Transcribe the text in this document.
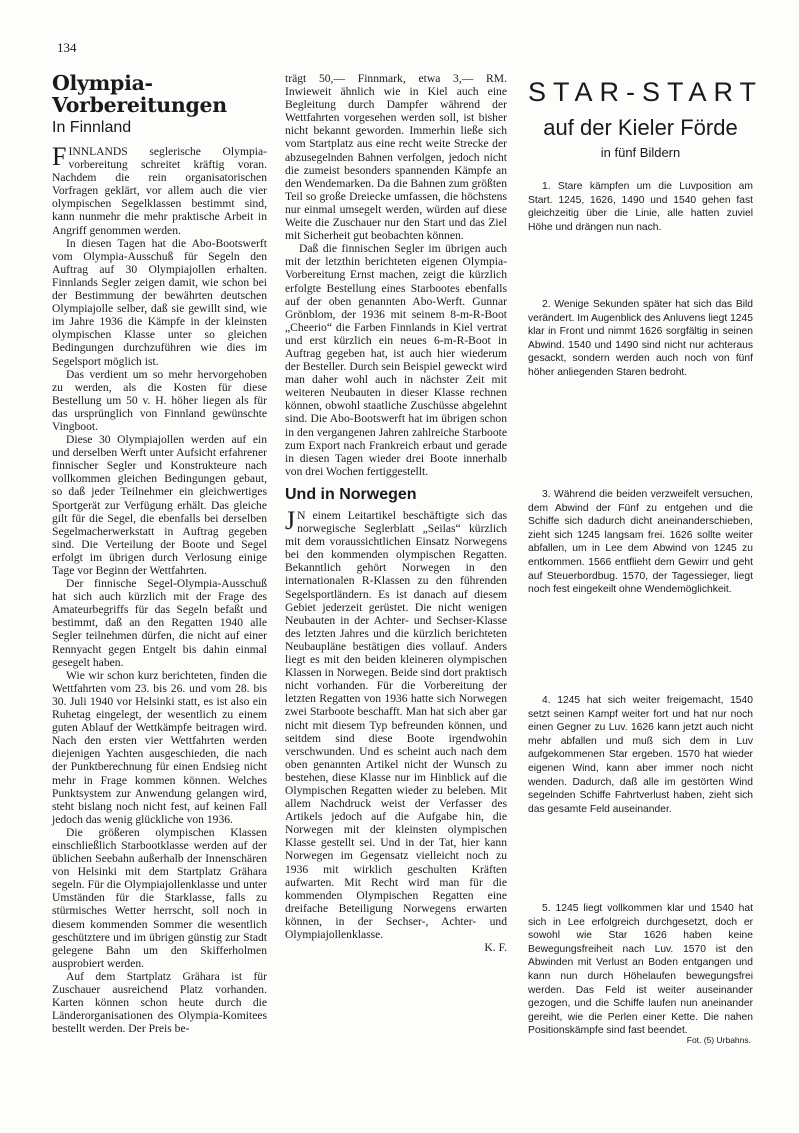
134
Olympia-Vorbereitungen
In Finnland

FINNLANDS seglerische Olympia-vorbereitung schreitet kräftig voran. Nachdem die rein organisatorischen Vorfragen geklärt, vor allem auch die vier olympischen Segelklassen bestimmt sind, kann nunmehr die mehr praktische Arbeit in Angriff genommen werden.

In diesen Tagen hat die Abo-Bootswerft vom Olympia-Ausschuß für Segeln den Auftrag auf 30 Olympiajollen erhalten. Finnlands Segler zeigen damit, wie schon bei der Bestimmung der bewährten deutschen Olympiajolle selber, daß sie gewillt sind, wie im Jahre 1936 die Kämpfe in der kleinsten olympischen Klasse unter so gleichen Bedingungen durchzuführen wie dies im Segelsport möglich ist.

Das verdient um so mehr hervorgehoben zu werden, als die Kosten für diese Bestellung um 50 v. H. höher liegen als für das ursprünglich von Finnland gewünschte Vingboot.

Diese 30 Olympiajollen werden auf ein und derselben Werft unter Aufsicht erfahrener finnischer Segler und Konstrukteure nach vollkommen gleichen Bedingungen gebaut, so daß jeder Teilnehmer ein gleichwertiges Sportgerät zur Verfügung erhält. Das gleiche gilt für die Segel, die ebenfalls bei derselben Segelmacherwerkstatt in Auftrag gegeben sind. Die Verteilung der Boote und Segel erfolgt im übrigen durch Verlosung einige Tage vor Beginn der Wettfahrten.

Der finnische Segel-Olympia-Ausschuß hat sich auch kürzlich mit der Frage des Amateurbegriffs für das Segeln befaßt und bestimmt, daß an den Regatten 1940 alle Segler teilnehmen dürfen, die nicht auf einer Rennyacht gegen Entgelt bis dahin einmal gesegelt haben.

Wie wir schon kurz berichteten, finden die Wettfahrten vom 23. bis 26. und vom 28. bis 30. Juli 1940 vor Helsinki statt, es ist also ein Ruhetag eingelegt, der wesentlich zu einem guten Ablauf der Wettkämpfe beitragen wird. Nach den ersten vier Wettfahrten werden diejenigen Yachten ausgeschieden, die nach der Punktberechnung für einen Endsieg nicht mehr in Frage kommen können. Welches Punktsystem zur Anwendung gelangen wird, steht bislang noch nicht fest, auf keinen Fall jedoch das wenig glückliche von 1936.

Die größeren olympischen Klassen einschließlich Starbootklasse werden auf der üblichen Seebahn außerhalb der Innenschären von Helsinki mit dem Startplatz Grähara segeln. Für die Olympiajollenklasse und unter Umständen für die Starklasse, falls zu stürmisches Wetter herrscht, soll noch in diesem kommenden Sommer die wesentlich geschütztere und im übrigen günstig zur Stadt gelegene Bahn um den Skifferholmen ausprobiert werden.

Auf dem Startplatz Grähara ist für Zuschauer ausreichend Platz vorhanden. Karten können schon heute durch die Länderorganisationen des Olympia-Komitees bestellt werden. Der Preis be-

trägt 50,— Finnmark, etwa 3,— RM. Inwieweit ähnlich wie in Kiel auch eine Begleitung durch Dampfer während der Wettfahrten vorgesehen werden soll, ist bisher nicht bekannt geworden. Immerhin ließe sich vom Startplatz aus eine recht weite Strecke der abzusegelnden Bahnen verfolgen, jedoch nicht die zumeist besonders spannenden Kämpfe an den Wendemarken. Da die Bahnen zum größten Teil so große Dreiecke umfassen, die höchstens nur einmal umsegelt werden, würden auf diese Weite die Zuschauer nur den Start und das Ziel mit Sicherheit gut beobachten können.

Daß die finnischen Segler im übrigen auch mit der letzthin berichteten eigenen Olympia-Vorbereitung Ernst machen, zeigt die kürzlich erfolgte Bestellung eines Starbootes ebenfalls auf der oben genannten Abo-Werft. Gunnar Grönblom, der 1936 mit seinem 8-m-R-Boot „Cheerio“ die Farben Finnlands in Kiel vertrat und erst kürzlich ein neues 6-m-R-Boot in Auftrag gegeben hat, ist auch hier wiederum der Besteller. Durch sein Beispiel geweckt wird man daher wohl auch in nächster Zeit mit weiteren Neubauten in dieser Klasse rechnen können, obwohl staatliche Zuschüsse abgelehnt sind. Die Abo-Bootswerft hat im übrigen schon in den vergangenen Jahren zahlreiche Starboote zum Export nach Frankreich erbaut und gerade in diesen Tagen wieder drei Boote innerhalb von drei Wochen fertiggestellt.

Und in Norwegen

J N einem Leitartikel beschäftigte sich das norwegische Seglerblatt „Seilas“ kürzlich mit dem voraussichtlichen Einsatz Norwegens bei den kommenden olympischen Regatten. Bekanntlich gehört Norwegen in den internationalen R-Klassen zu den führenden Segelsportländern. Es ist danach auf diesem Gebiet jederzeit gerüstet. Die nicht wenigen Neubauten in der Achter- und Sechser-Klasse des letzten Jahres und die kürzlich berichteten Neubaupläne bestätigen dies vollauf. Anders liegt es mit den beiden kleineren olympischen Klassen in Norwegen. Beide sind dort praktisch nicht vorhanden. Für die Vorbereitung der letzten Regatten von 1936 hatte sich Norwegen zwei Starboote beschafft. Man hat sich aber gar nicht mit diesem Typ befreunden können, und seitdem sind diese Boote irgendwohin verschwunden. Und es scheint auch nach dem oben genannten Artikel nicht der Wunsch zu bestehen, diese Klasse nur im Hinblick auf die Olympischen Regatten wieder zu beleben. Mit allem Nachdruck weist der Verfasser des Artikels jedoch auf die Aufgabe hin, die Norwegen mit der kleinsten olympischen Klasse gestellt sei. Und in der Tat, hier kann Norwegen im Gegensatz vielleicht noch zu 1936 mit wirklich geschulten Kräften aufwarten. Mit Recht wird man für die kommenden Olympischen Regatten eine dreifache Beteiligung Norwegens erwarten können, in der Sechser-, Achter- und Olympiajollenklasse.

K. F.

STAR-START
auf der Kieler Förde
in fünf Bildern

1. Stare kämpfen um die Luvposition am Start. 1245, 1626, 1490 und 1540 gehen fast gleichzeitig über die Linie, alle hatten zuviel Höhe und drängen nun nach.

2. Wenige Sekunden später hat sich das Bild verändert. Im Augenblick des Anluvens liegt 1245 klar in Front und nimmt 1626 sorgfältig in seinen Abwind. 1540 und 1490 sind nicht nur achteraus gesackt, sondern werden auch noch von fünf höher anliegenden Staren bedroht.

3. Während die beiden verzweifelt versuchen, dem Abwind der Fünf zu entgehen und die Schiffe sich dadurch dicht aneinanderschieben, zieht sich 1245 langsam frei. 1626 sollte weiter abfallen, um in Lee dem Abwind von 1245 zu entkommen. 1566 entflieht dem Gewirr und geht auf Steuerbordbug. 1570, der Tagessieger, liegt noch fest eingekeilt ohne Wendemöglichkeit.

4. 1245 hat sich weiter freigemacht, 1540 setzt seinen Kampf weiter fort und hat nur noch einen Gegner zu Luv. 1626 kann jetzt auch nicht mehr abfallen und muß sich dem in Luv aufgekommenen Star ergeben. 1570 hat wieder eigenen Wind, kann aber immer noch nicht wenden. Dadurch, daß alle im gestörten Wind segelnden Schiffe Fahrtverlust haben, zieht sich das gesamte Feld auseinander.

5. 1245 liegt vollkommen klar und 1540 hat sich in Lee erfolgreich durchgesetzt, doch er sowohl wie Star 1626 haben keine Bewegungsfreiheit nach Luv. 1570 ist den Abwinden mit Verlust an Boden entgangen und kann nun durch Höhelaufen bewegungsfrei werden. Das Feld ist weiter auseinander gezogen, und die Schiffe laufen nun aneinander gereiht, wie die Perlen einer Kette. Die nahen Positionskämpfe sind fast beendet.

Fot. (5) Urbahns.
